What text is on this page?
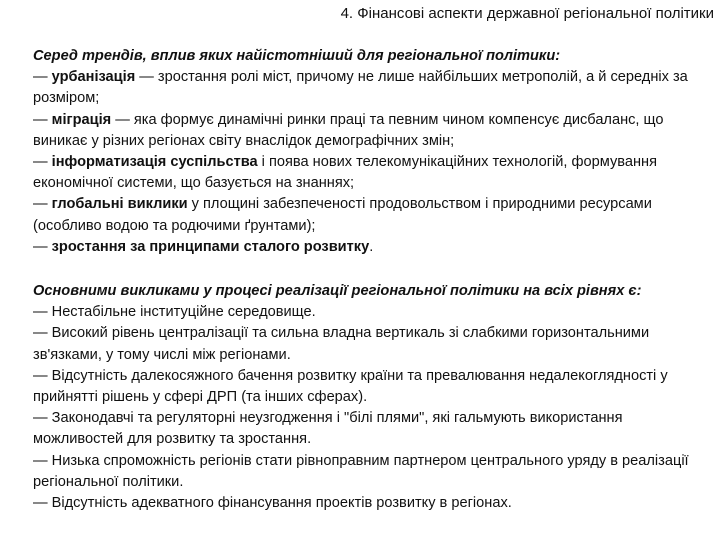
4. Фінансові аспекти державної регіональної політики

Серед трендів, вплив яких найістотніший для регіональної політики:

— урбанізація — зростання ролі міст, причому не лише найбільших метрополій, а й середніх за розміром;

— міграція — яка формує динамічні ринки праці та певним чином компенсує дисбаланс, що виникає у різних регіонах світу внаслідок демографічних змін;

— інформатизація суспільства і поява нових телекомунікаційних технологій, формування економічної системи, що базується на знаннях;

— глобальні виклики у площині забезпеченості продовольством і природними ресурсами (особливо водою та родючими ґрунтами);

— зростання за принципами сталого розвитку.

Основними викликами у процесі реалізації регіональної політики на всіх рівнях є:

— Нестабільне інституційне середовище.

— Високий рівень централізації та сильна владна вертикаль зі слабкими горизонтальними зв'язками, у тому числі між регіонами.

— Відсутність далекосяжного бачення розвитку країни та превалювання недалекоглядності у прийнятті рішень у сфері ДРП (та інших сферах).

— Законодавчі та регуляторні неузгодження і "білі плями", які гальмують використання можливостей для розвитку та зростання.

— Низька спроможність регіонів стати рівноправним партнером центрального уряду в реалізації регіональної політики.

— Відсутність адекватного фінансування проектів розвитку в регіонах.
